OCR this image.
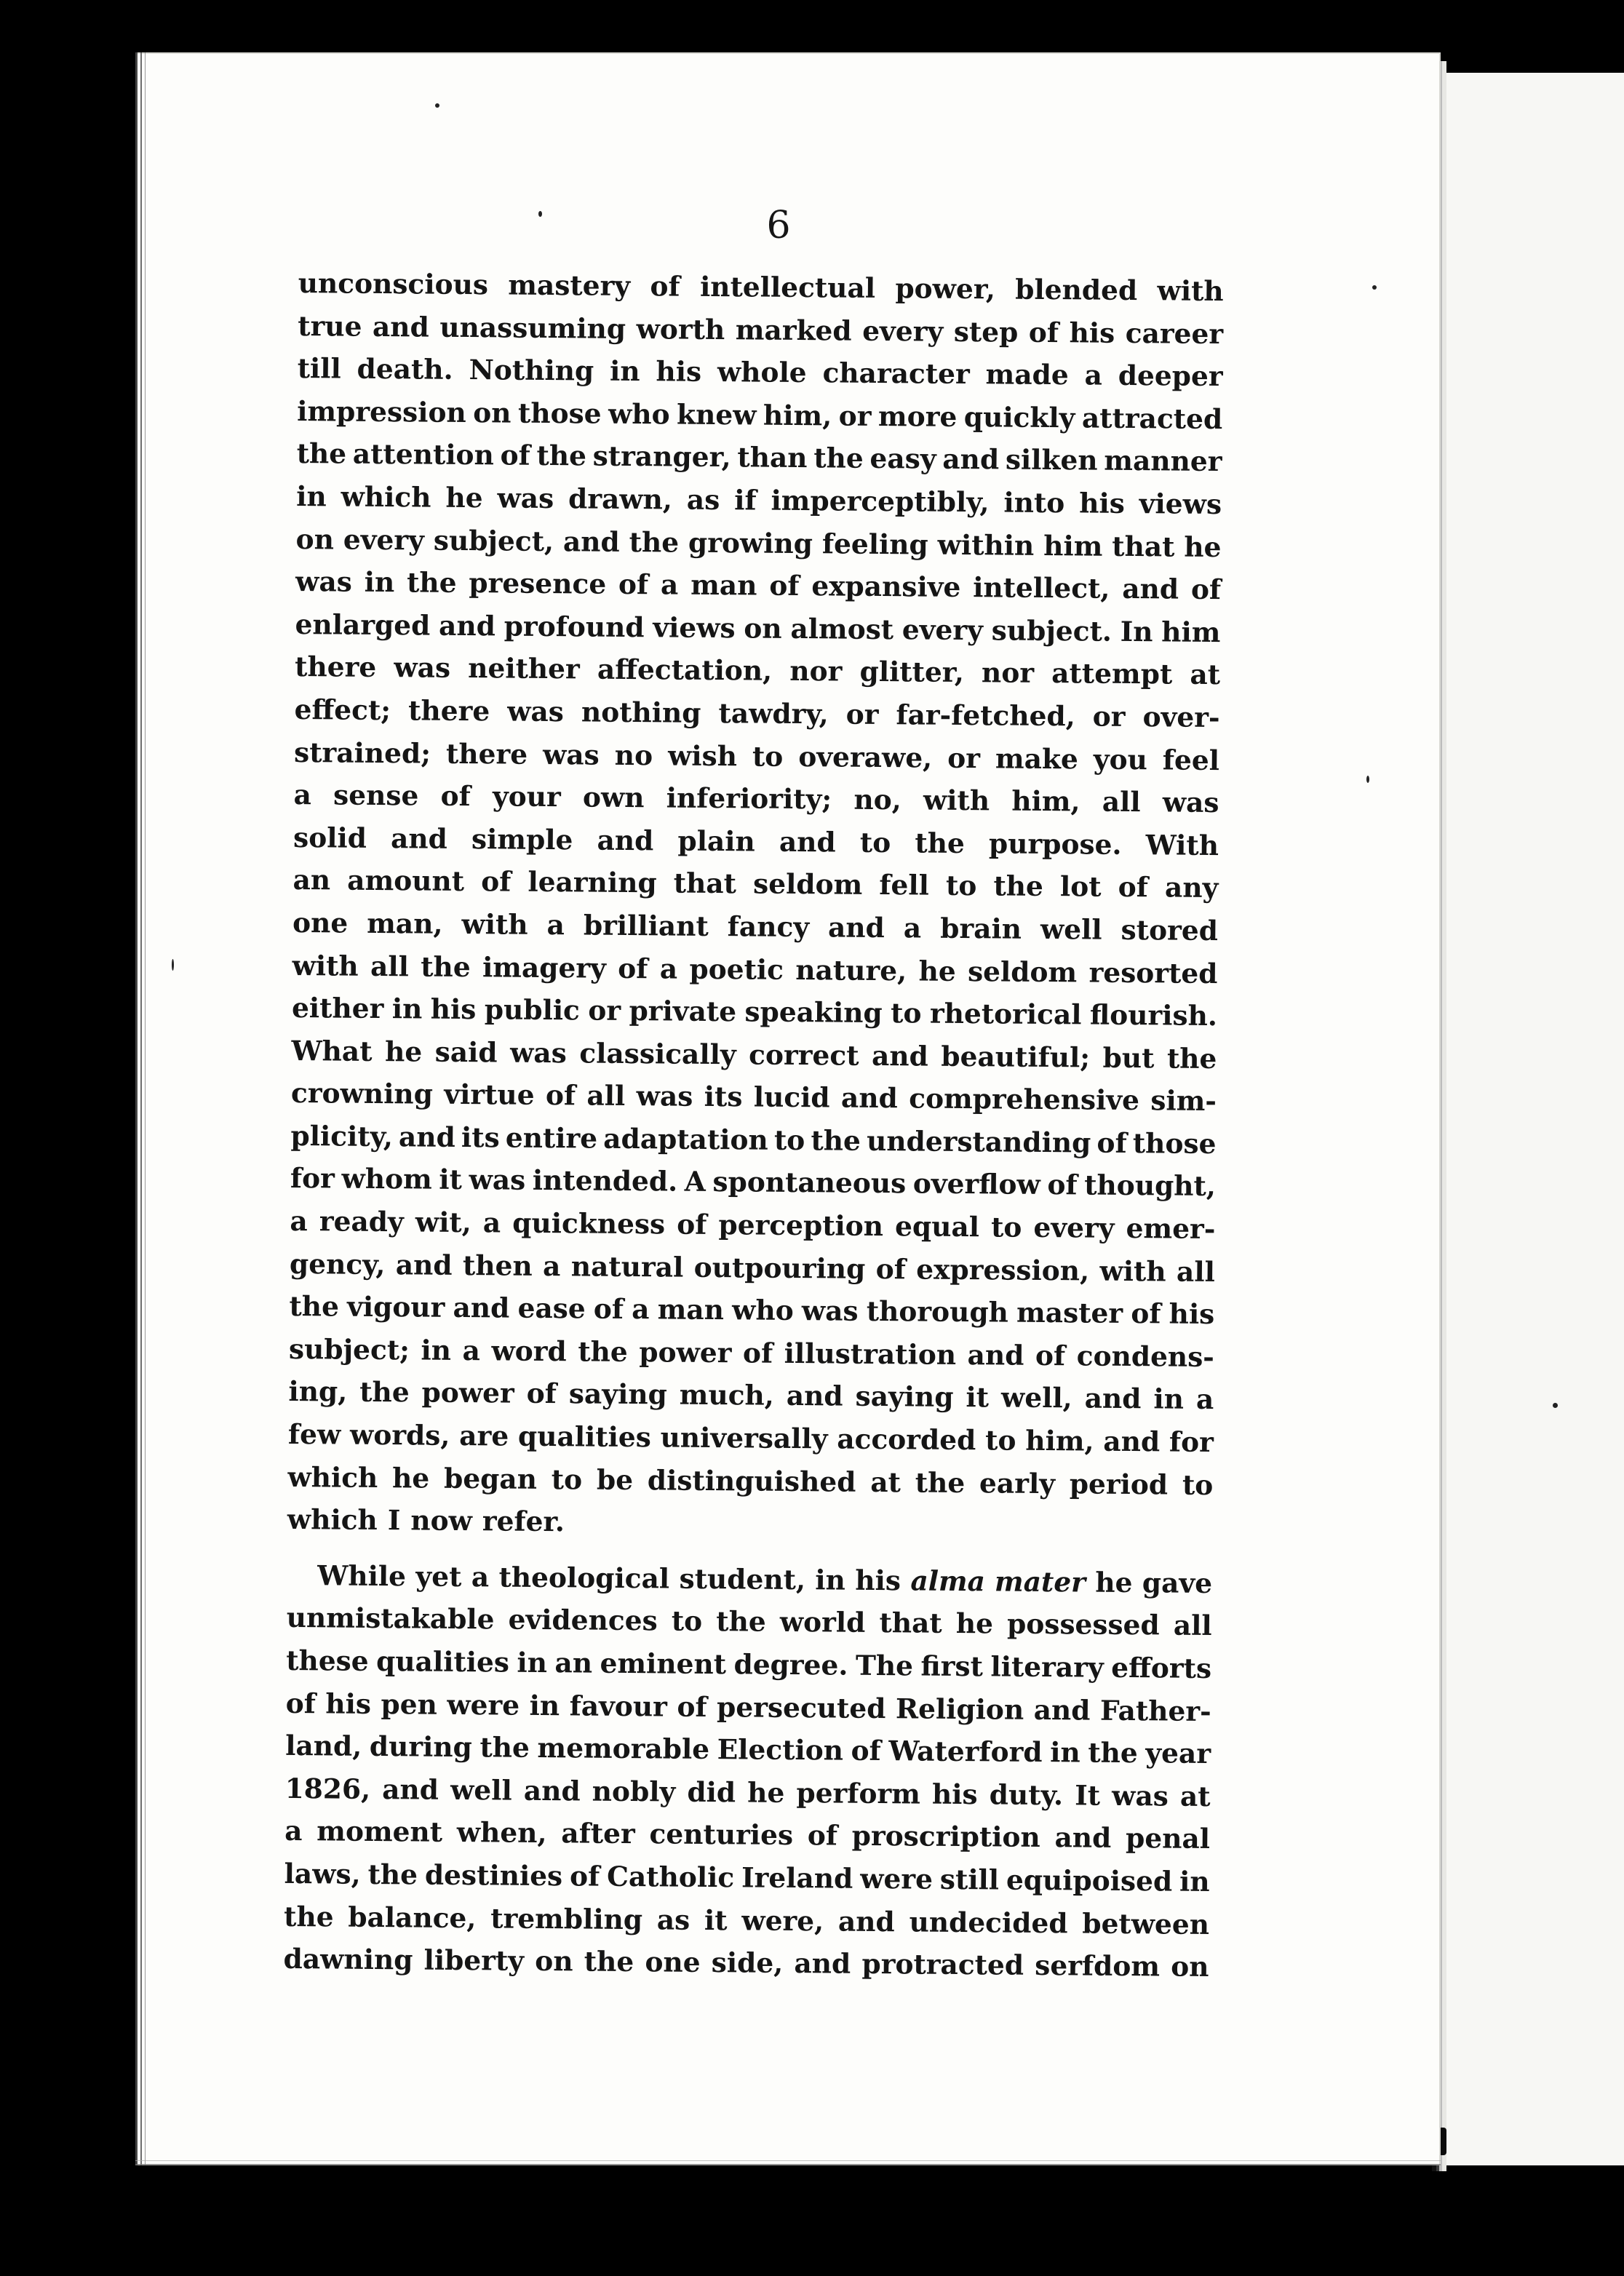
6
unconscious mastery of intellectual power, blended with
true and unassuming worth marked every step of his career
till death. Nothing in his whole character made a deeper
impression on those who knew him, or more quickly attracted
the attention of the stranger, than the easy and silken manner
in which he was drawn, as if imperceptibly, into his views
on every subject, and the growing feeling within him that he
was in the presence of a man of expansive intellect, and of
enlarged and profound views on almost every subject. In him
there was neither affectation, nor glitter, nor attempt at
effect; there was nothing tawdry, or far-fetched, or over-
strained; there was no wish to overawe, or make you feel
a sense of your own inferiority; no, with him, all was
solid and simple and plain and to the purpose. With
an amount of learning that seldom fell to the lot of any
one man, with a brilliant fancy and a brain well stored
with all the imagery of a poetic nature, he seldom resorted
either in his public or private speaking to rhetorical flourish.
What he said was classically correct and beautiful; but the
crowning virtue of all was its lucid and comprehensive sim-
plicity, and its entire adaptation to the understanding of those
for whom it was intended. A spontaneous overflow of thought,
a ready wit, a quickness of perception equal to every emer-
gency, and then a natural outpouring of expression, with all
the vigour and ease of a man who was thorough master of his
subject; in a word the power of illustration and of condens-
ing, the power of saying much, and saying it well, and in a
few words, are qualities universally accorded to him, and for
which he began to be distinguished at the early period to
which I now refer.
While yet a theological student, in his alma mater he gave
unmistakable evidences to the world that he possessed all
these qualities in an eminent degree. The first literary efforts
of his pen were in favour of persecuted Religion and Father-
land, during the memorable Election of Waterford in the year
1826, and well and nobly did he perform his duty. It was at
a moment when, after centuries of proscription and penal
laws, the destinies of Catholic Ireland were still equipoised in
the balance, trembling as it were, and undecided between
dawning liberty on the one side, and protracted serfdom on
